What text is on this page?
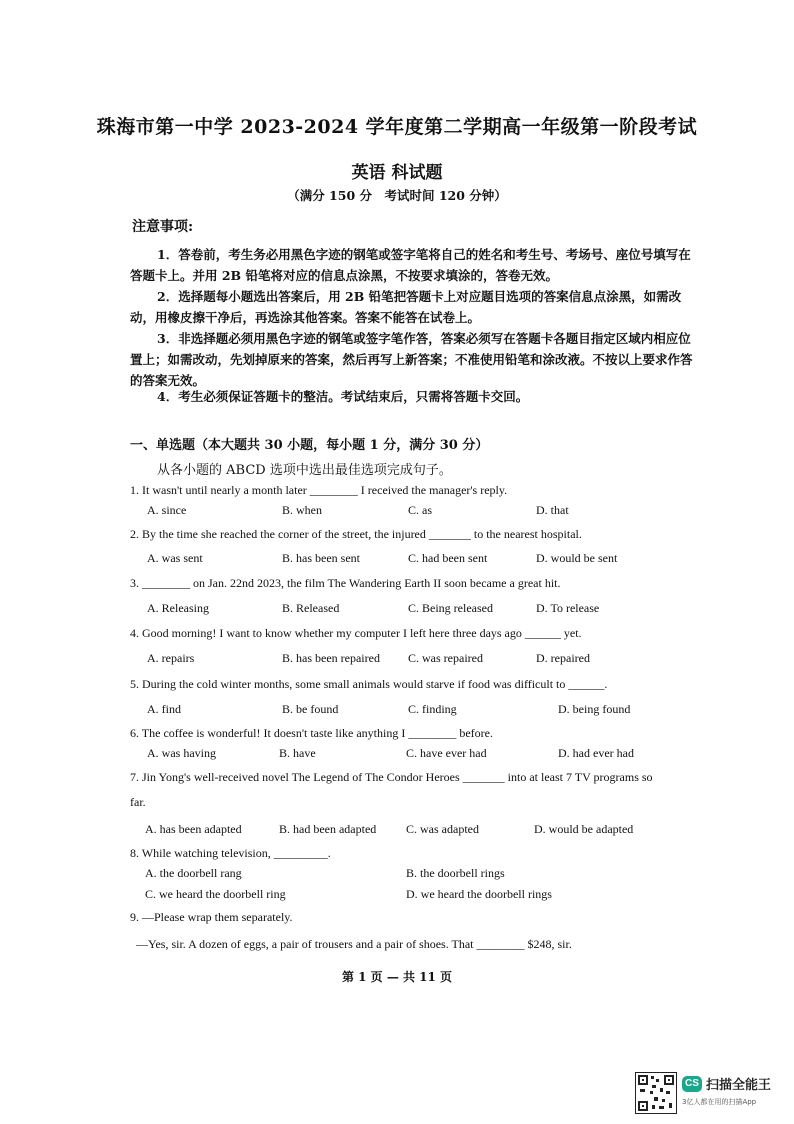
珠海市第一中学 2023-2024 学年度第二学期高一年级第一阶段考试
英语 科试题
（满分 150 分　考试时间 120 分钟）
注意事项:
1．答卷前，考生务必用黑色字迹的钢笔或签字笔将自己的姓名和考生号、考场号、座位号填写在答题卡上。并用 2B 铅笔将对应的信息点涂黑，不按要求填涂的，答卷无效。
2．选择题每小题选出答案后，用 2B 铅笔把答题卡上对应题目选项的答案信息点涂黑，如需改动，用橡皮擦干净后，再选涂其他答案。答案不能答在试卷上。
3．非选择题必须用黑色字迹的钢笔或签字笔作答，答案必须写在答题卡各题目指定区域内相应位置上；如需改动，先划掉原来的答案，然后再写上新答案；不准使用铅笔和涂改液。不按以上要求作答的答案无效。
4．考生必须保证答题卡的整洁。考试结束后，只需将答题卡交回。
一、单选题（本大题共 30 小题，每小题 1 分，满分 30 分）
从各小题的 ABCD 选项中选出最佳选项完成句子。
1. It wasn't until nearly a month later ________ I received the manager's reply.
A. since	B. when	C. as	D. that
2. By the time she reached the corner of the street, the injured _______ to the nearest hospital.
A. was sent	B. has been sent	C. had been sent	D. would be sent
3. ________ on Jan. 22nd 2023, the film The Wandering Earth II soon became a great hit.
A. Releasing	B. Released	C. Being released	D. To release
4. Good morning! I want to know whether my computer I left here three days ago ______ yet.
A. repairs	B. has been repaired C. was repaired	D. repaired
5. During the cold winter months, some small animals would starve if food was difficult to ______.
A. find	B. be found	C. finding	D. being found
6. The coffee is wonderful! It doesn't taste like anything I ________ before.
A. was having	B. have	C. have ever had	D. had ever had
7. Jin Yong's well-received novel The Legend of The Condor Heroes _______ into at least 7 TV programs so
far.
A. has been adapted	B. had been adapted C. was adapted	D. would be adapted
8. While watching television, _________.
A. the doorbell rang	B. the doorbell rings
C. we heard the doorbell ring	D. we heard the doorbell rings
9. —Please wrap them separately.
—Yes, sir. A dozen of eggs, a pair of trousers and a pair of shoes. That ________ $248, sir.
第 1 页 — 共 11 页
CS 扫描全能王
3亿人都在用的扫描App
